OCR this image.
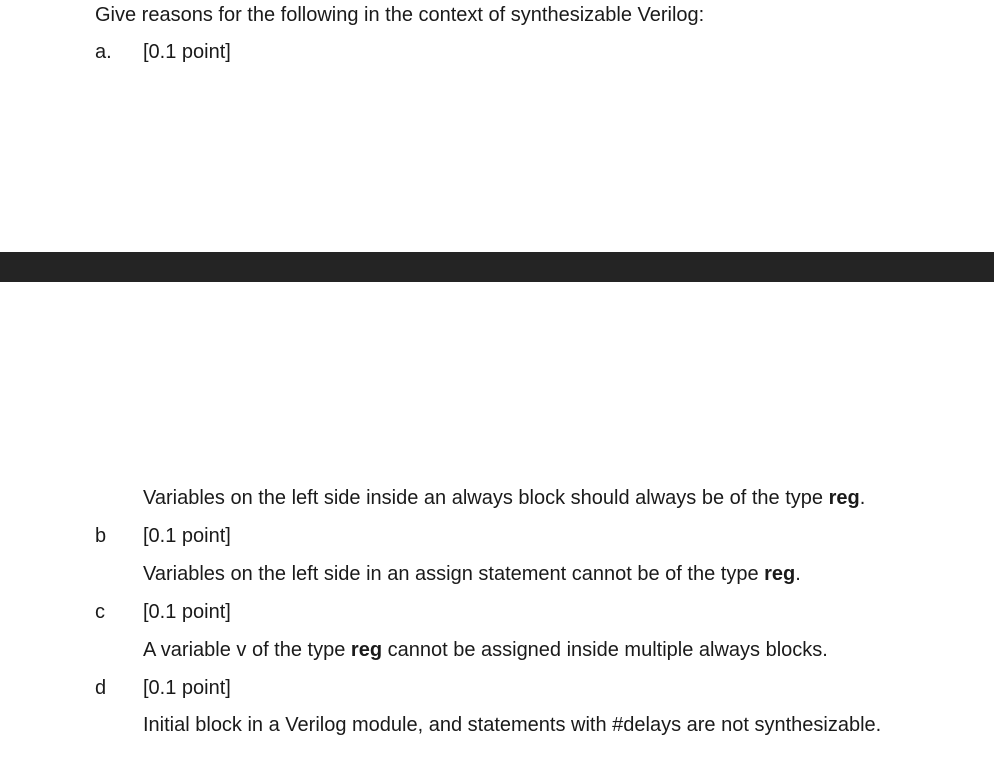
Give reasons for the following in the context of synthesizable Verilog:
a. [0.1 point]
Variables on the left side inside an always block should always be of the type reg.
b [0.1 point]
Variables on the left side in an assign statement cannot be of the type reg.
c [0.1 point]
A variable v of the type reg cannot be assigned inside multiple always blocks.
d [0.1 point]
Initial block in a Verilog module, and statements with #delays are not synthesizable.
